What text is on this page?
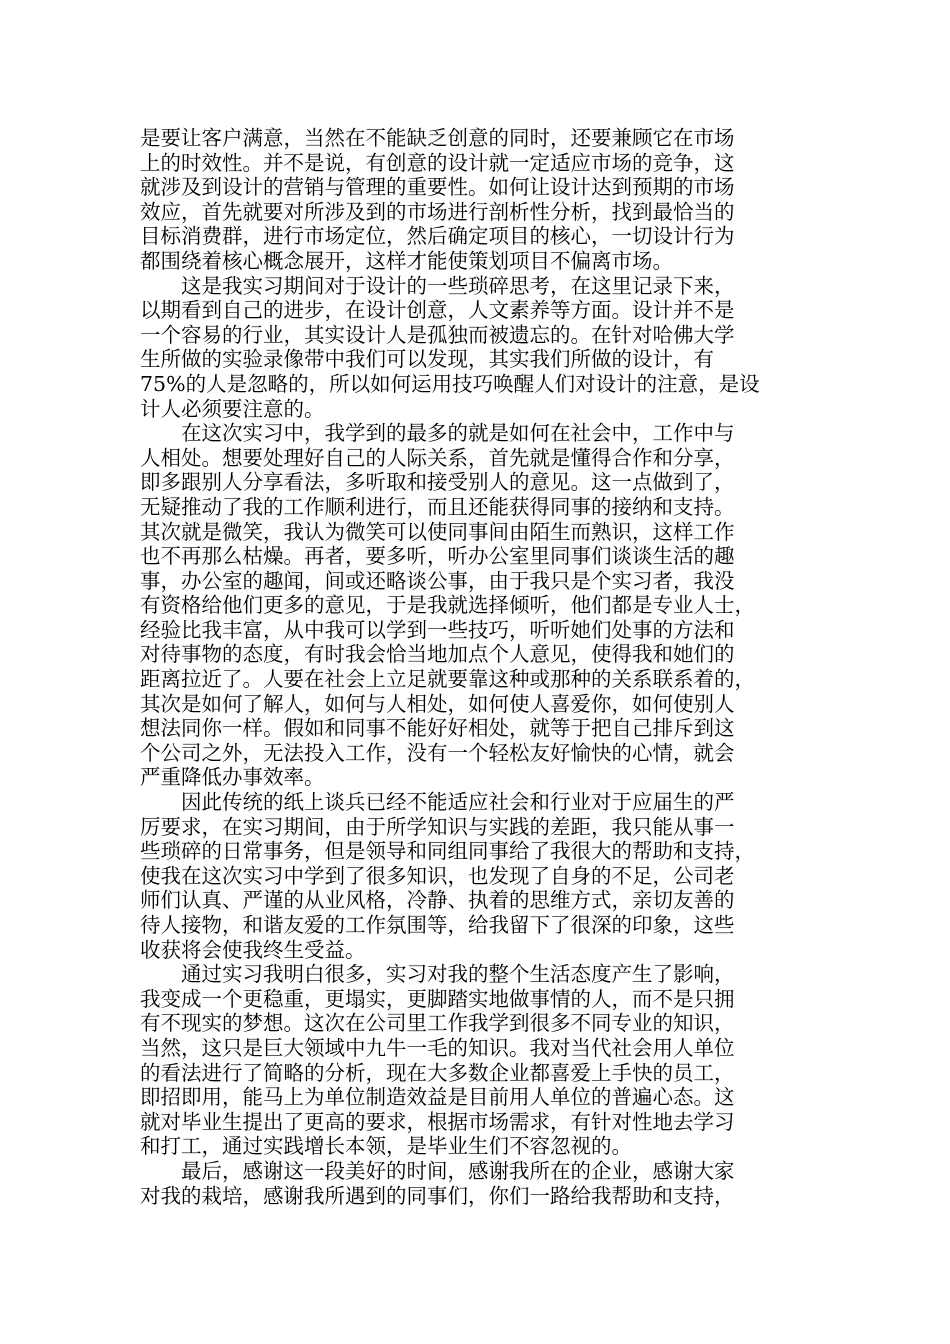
是要让客户满意，当然在不能缺乏创意的同时，还要兼顾它在市场
上的时效性。并不是说，有创意的设计就一定适应市场的竞争，这
就涉及到设计的营销与管理的重要性。如何让设计达到预期的市场
效应，首先就要对所涉及到的市场进行剖析性分析，找到最恰当的
目标消费群，进行市场定位，然后确定项目的核心，一切设计行为
都围绕着核心概念展开，这样才能使策划项目不偏离市场。

这是我实习期间对于设计的一些琐碎思考，在这里记录下来，
以期看到自己的进步，在设计创意，人文素养等方面。设计并不是
一个容易的行业，其实设计人是孤独而被遗忘的。在针对哈佛大学
生所做的实验录像带中我们可以发现，其实我们所做的设计，有
75%的人是忽略的，所以如何运用技巧唤醒人们对设计的注意，是设
计人必须要注意的。

在这次实习中，我学到的最多的就是如何在社会中，工作中与
人相处。想要处理好自己的人际关系，首先就是懂得合作和分享，
即多跟别人分享看法，多听取和接受别人的意见。这一点做到了，
无疑推动了我的工作顺利进行，而且还能获得同事的接纳和支持。
其次就是微笑，我认为微笑可以使同事间由陌生而熟识，这样工作
也不再那么枯燥。再者，要多听，听办公室里同事们谈谈生活的趣
事，办公室的趣闻，间或还略谈公事，由于我只是个实习者，我没
有资格给他们更多的意见，于是我就选择倾听，他们都是专业人士，
经验比我丰富，从中我可以学到一些技巧，听听她们处事的方法和
对待事物的态度，有时我会恰当地加点个人意见，使得我和她们的
距离拉近了。人要在社会上立足就要靠这种或那种的关系联系着的，
其次是如何了解人，如何与人相处，如何使人喜爱你，如何使别人
想法同你一样。假如和同事不能好好相处，就等于把自己排斥到这
个公司之外，无法投入工作，没有一个轻松友好愉快的心情，就会
严重降低办事效率。

因此传统的纸上谈兵已经不能适应社会和行业对于应届生的严
厉要求，在实习期间，由于所学知识与实践的差距，我只能从事一
些琐碎的日常事务，但是领导和同组同事给了我很大的帮助和支持，
使我在这次实习中学到了很多知识，也发现了自身的不足，公司老
师们认真、严谨的从业风格，冷静、执着的思维方式，亲切友善的
待人接物，和谐友爱的工作氛围等，给我留下了很深的印象，这些
收获将会使我终生受益。

通过实习我明白很多，实习对我的整个生活态度产生了影响，
我变成一个更稳重，更塌实，更脚踏实地做事情的人，而不是只拥
有不现实的梦想。这次在公司里工作我学到很多不同专业的知识，
当然，这只是巨大领域中九牛一毛的知识。我对当代社会用人单位
的看法进行了简略的分析，现在大多数企业都喜爱上手快的员工，
即招即用，能马上为单位制造效益是目前用人单位的普遍心态。这
就对毕业生提出了更高的要求，根据市场需求，有针对性地去学习
和打工，通过实践增长本领，是毕业生们不容忽视的。

最后，感谢这一段美好的时间，感谢我所在的企业，感谢大家
对我的栽培，感谢我所遇到的同事们，你们一路给我帮助和支持，
